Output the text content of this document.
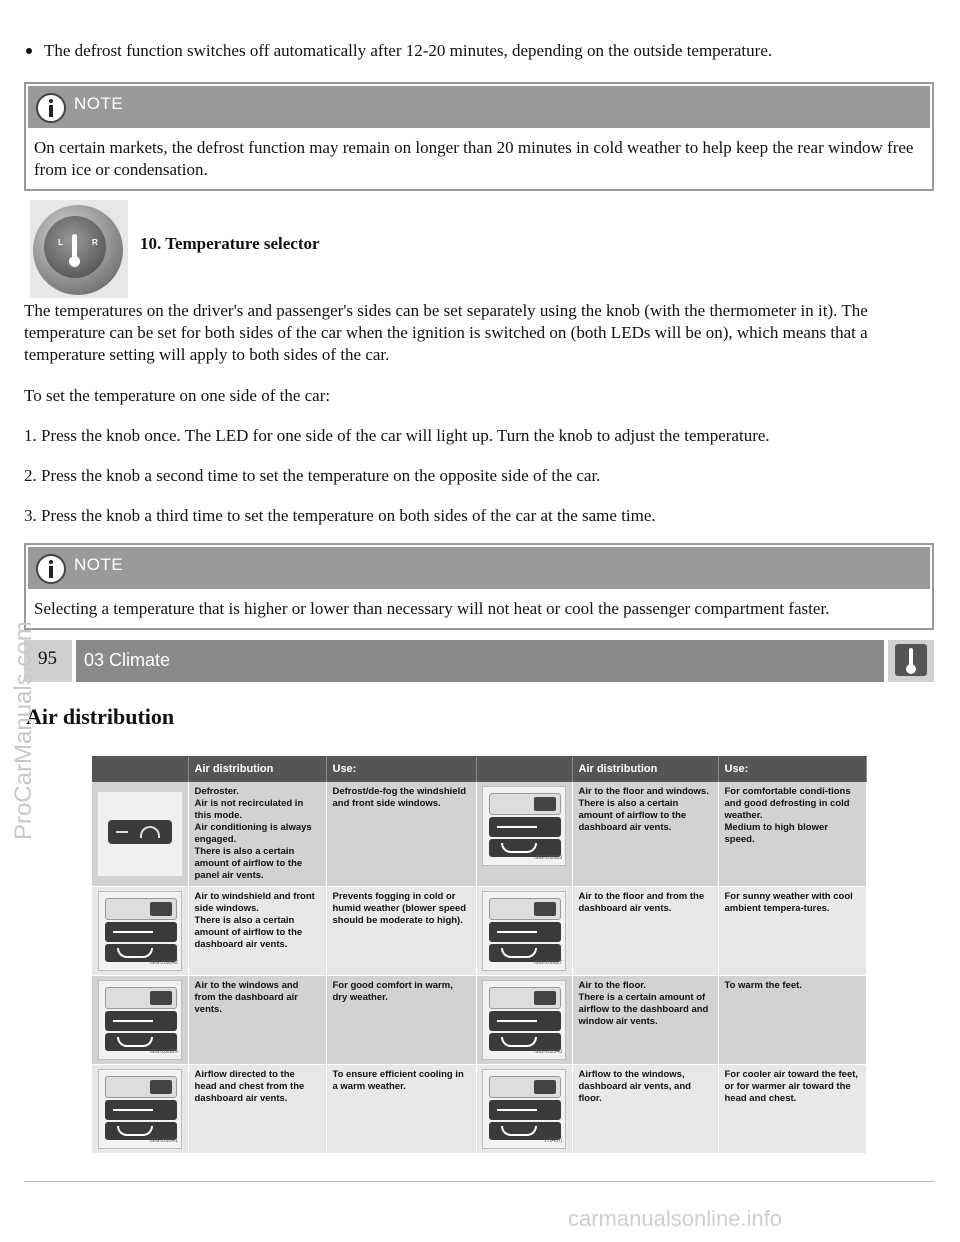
The defrost function switches off automatically after 12-20 minutes, depending on the outside temperature.
NOTE
On certain markets, the defrost function may remain on longer than 20 minutes in cold weather to help keep the rear window free from ice or condensation.
L	R 10. Temperature selector
The temperatures on the driver's and passenger's sides can be set separately using the knob (with the thermometer in it). The temperature can be set for both sides of the car when the ignition is switched on (both LEDs will be on), which means that a temperature setting will apply to both sides of the car.
To set the temperature on one side of the car:
1. Press the knob once. The LED for one side of the car will light up. Turn the knob to adjust the temperature.
2. Press the knob a second time to set the temperature on the opposite side of the car.
3. Press the knob a third time to set the temperature on both sides of the car at the same time.
NOTE
Selecting a temperature that is higher or lower than necessary will not heat or cool the passenger compartment faster.
95	03 Climate
Air distribution
	Air distribution	Use:		Air distribution	Use:

	Defroster.
Air is not recirculated in this mode.
Air conditioning is always engaged.
There is also a certain amount of airflow to the panel air vents.	Defrost/de-fog the windshield and front side windows.	IMG-202089	Air to the floor and windows.
There is also a certain amount of airflow to the dashboard air vents.	For comfortable condi-tions and good defrosting in cold weather.
Medium to high blower speed.

IMG-200042	Air to windshield and front side windows.
There is also a certain amount of airflow to the dashboard air vents.	Prevents fogging in cold or humid weather (blower speed should be moderate to high).	IMG-200087	Air to the floor and from the dashboard air vents.	For sunny weather with cool ambient tempera-tures.

IMG-200924	Air to the windows and from the dashboard air vents.	For good comfort in warm, dry weather.	IMG-202040	Air to the floor.
There is a certain amount of airflow to the dashboard and window air vents.	To warm the feet.

IMG-202041	Airflow directed to the head and chest from the dashboard air vents.	To ensure efficient cooling in a warm weather.	170437j	Airflow to the windows, dashboard air vents, and floor.	For cooler air toward the feet, or for warmer air toward the head and chest.
ProCarManuals.com
carmanualsonline.info
